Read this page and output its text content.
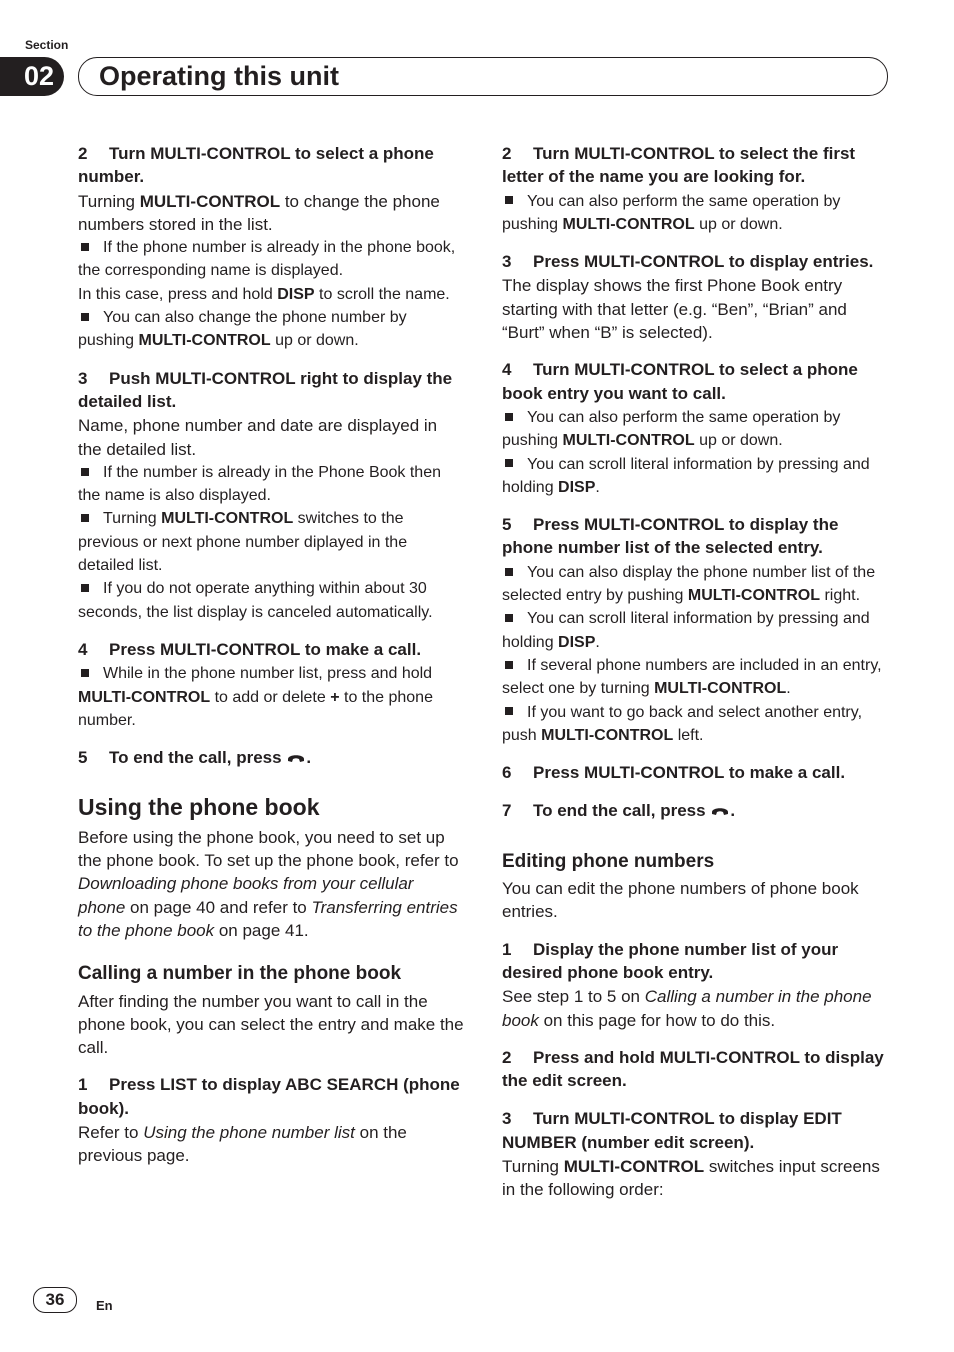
Section
02	Operating this unit

2 Turn MULTI-CONTROL to select a phone number.

Turning MULTI-CONTROL to change the phone numbers stored in the list.

If the phone number is already in the phone book, the corresponding name is displayed.

In this case, press and hold DISP to scroll the name.

You can also change the phone number by pushing MULTI-CONTROL up or down.

3 Push MULTI-CONTROL right to display the detailed list.

Name, phone number and date are displayed in the detailed list.

If the number is already in the Phone Book then the name is also displayed.

Turning MULTI-CONTROL switches to the previous or next phone number diplayed in the detailed list.

If you do not operate anything within about 30 seconds, the list display is canceled automatically.

4 Press MULTI-CONTROL to make a call.

While in the phone number list, press and hold MULTI-CONTROL to add or delete + to the phone number.

5 To end the call, press .

Using the phone book

Before using the phone book, you need to set up the phone book. To set up the phone book, refer to Downloading phone books from your cellular phone on page 40 and refer to Transferring entries to the phone book on page 41.

Calling a number in the phone book

After finding the number you want to call in the phone book, you can select the entry and make the call.

1 Press LIST to display ABC SEARCH (phone book).

Refer to Using the phone number list on the previous page.

2 Turn MULTI-CONTROL to select the first letter of the name you are looking for.

You can also perform the same operation by pushing MULTI-CONTROL up or down.

3 Press MULTI-CONTROL to display entries.

The display shows the first Phone Book entry starting with that letter (e.g. “Ben”, “Brian” and “Burt” when “B” is selected).

4 Turn MULTI-CONTROL to select a phone book entry you want to call.

You can also perform the same operation by pushing MULTI-CONTROL up or down.

You can scroll literal information by pressing and holding DISP.

5 Press MULTI-CONTROL to display the phone number list of the selected entry.

You can also display the phone number list of the selected entry by pushing MULTI-CONTROL right.

You can scroll literal information by pressing and holding DISP.

If several phone numbers are included in an entry, select one by turning MULTI-CONTROL.

If you want to go back and select another entry, push MULTI-CONTROL left.

6 Press MULTI-CONTROL to make a call.

7 To end the call, press .

Editing phone numbers

You can edit the phone numbers of phone book entries.

1 Display the phone number list of your desired phone book entry.

See step 1 to 5 on Calling a number in the phone book on this page for how to do this.

2 Press and hold MULTI-CONTROL to display the edit screen.

3 Turn MULTI-CONTROL to display EDIT NUMBER (number edit screen).

Turning MULTI-CONTROL switches input screens in the following order:

36	En
